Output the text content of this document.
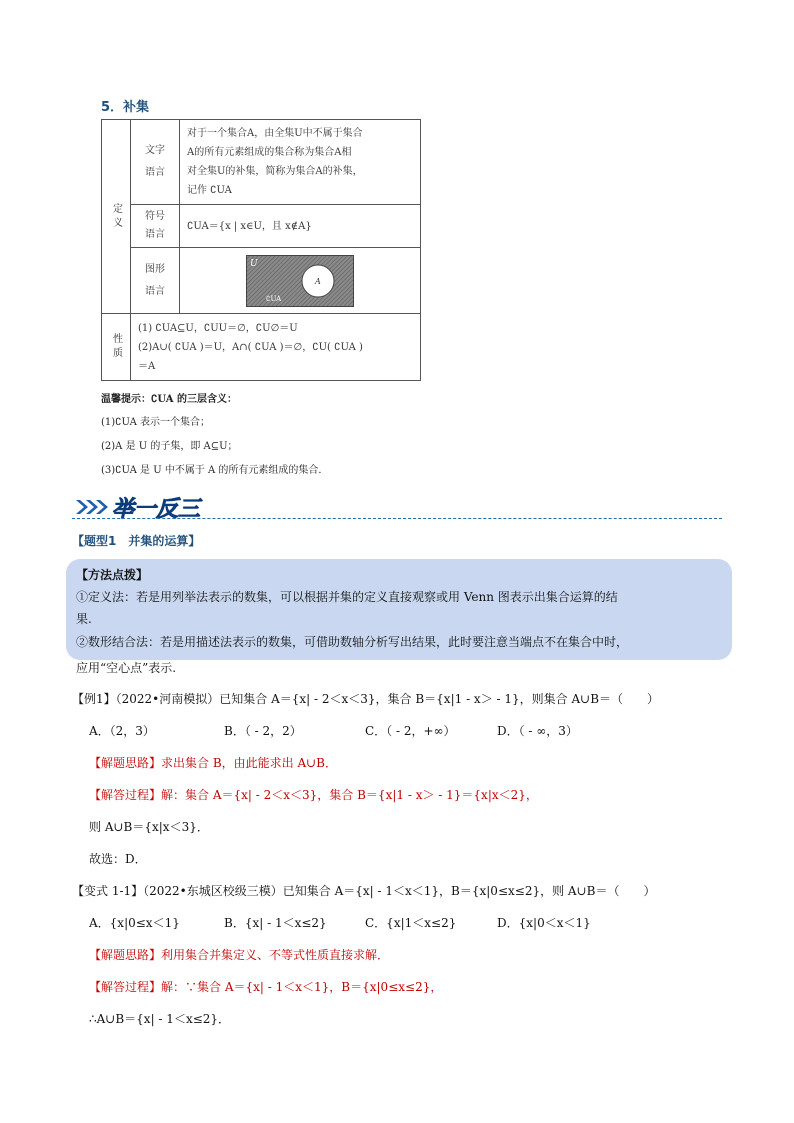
5．补集
定义	文字语言	对于一个集合A，由全集U中不属于集合
A的所有元素组成的集合称为集合A相
对全集U的补集，简称为集合A的补集，
记作 ∁UA

	符号语言	∁UA＝{x | x∈U，且 x∉A}

	图形语言	U
A
∁UA

性质	(1) ∁UA⊆U，∁UU＝∅，∁U∅＝U
(2)A∪( ∁UA )＝U，A∩( ∁UA )＝∅，∁U( ∁UA )
＝A	
温馨提示：∁UA 的三层含义：
(1)∁UA 表示一个集合；
(2)A 是 U 的子集，即 A⊆U；
(3)∁UA 是 U 中不属于 A 的所有元素组成的集合．
举一反三
【题型1　并集的运算】
【方法点拨】
①定义法：若是用列举法表示的数集，可以根据并集的定义直接观察或用 Venn 图表示出集合运算的结
果.
②数形结合法：若是用描述法表示的数集，可借助数轴分析写出结果，此时要注意当端点不在集合中时，
应用“空心点”表示.
【例1】（2022•河南模拟）已知集合 A＝{x| - 2＜x＜3}，集合 B＝{x|1 - x＞ - 1}，则集合 A∪B＝（　　）
A．（2，3）	B．（ - 2，2）	C．（ - 2，+∞）	D．（ - ∞，3）
【解题思路】求出集合 B，由此能求出 A∪B．
【解答过程】解：集合 A＝{x| - 2＜x＜3}，集合 B＝{x|1 - x＞ - 1}＝{x|x＜2}，
则 A∪B＝{x|x＜3}．
故选：D．
【变式 1-1】（2022•东城区校级三模）已知集合 A＝{x| - 1＜x＜1}，B＝{x|0≤x≤2}，则 A∪B＝（　　）
A．{x|0≤x＜1}	B．{x| - 1＜x≤2}	C．{x|1＜x≤2}	D．{x|0＜x＜1}
【解题思路】利用集合并集定义、不等式性质直接求解．
【解答过程】解：∵集合 A＝{x| - 1＜x＜1}，B＝{x|0≤x≤2}，
∴A∪B＝{x| - 1＜x≤2}．
